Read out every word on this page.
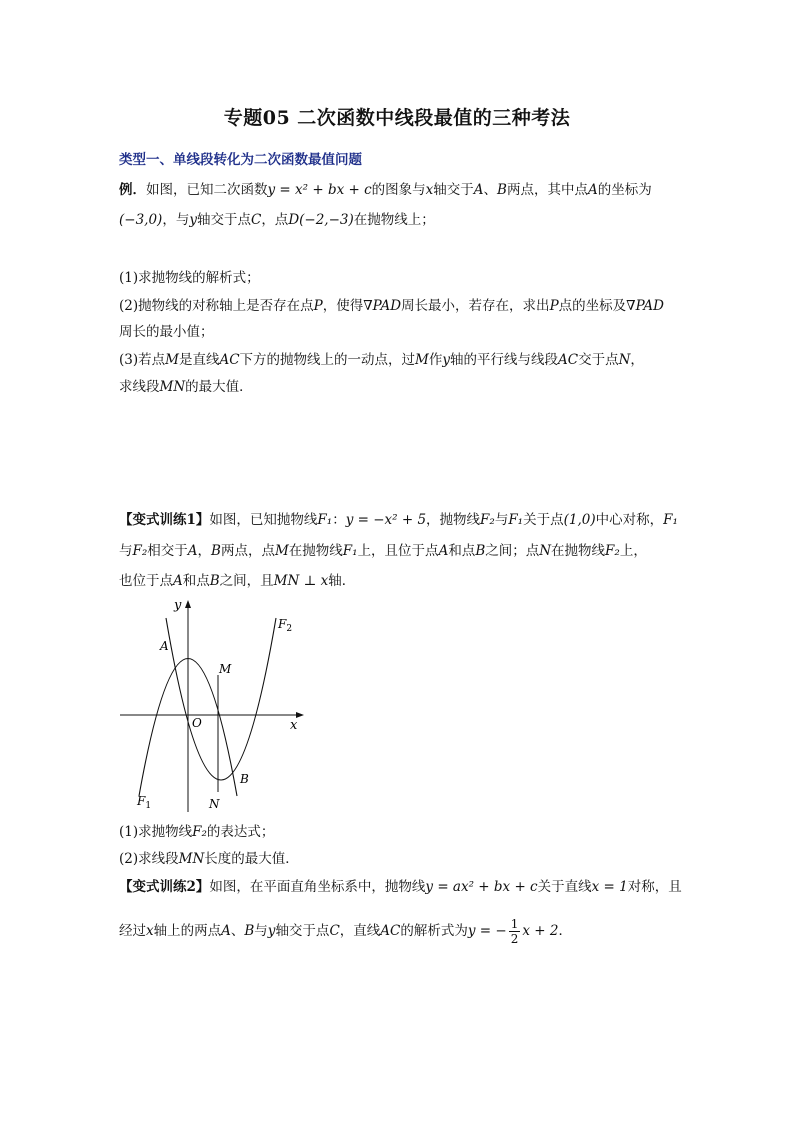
专题05 二次函数中线段最值的三种考法
类型一、单线段转化为二次函数最值问题
例．如图，已知二次函数y = x² + bx + c的图象与x轴交于A、B两点，其中点A的坐标为
(−3,0)，与y轴交于点C，点D(−2,−3)在抛物线上；
(1)求抛物线的解析式；
(2)抛物线的对称轴上是否存在点P，使得∇PAD周长最小，若存在，求出P点的坐标及∇PAD
周长的最小值；
(3)若点M是直线AC下方的抛物线上的一动点，过M作y轴的平行线与线段AC交于点N，
求线段MN的最大值．
【变式训练1】如图，已知抛物线F₁：y = −x² + 5，抛物线F₂与F₁关于点(1,0)中心对称，F₁
与F₂相交于A，B两点，点M在抛物线F₁上，且位于点A和点B之间；点N在抛物线F₂上，
也位于点A和点B之间，且MN ⊥ x轴．
y
x
O
A
B
M
N
$F_1$
$F_2$
(1)求抛物线F₂的表达式；
(2)求线段MN长度的最大值．
【变式训练2】如图，在平面直角坐标系中，抛物线y = ax² + bx + c关于直线x = 1对称，且
经过x轴上的两点A、B与y轴交于点C，直线AC的解析式为y = − $\frac{1}{2}$ x + 2．
